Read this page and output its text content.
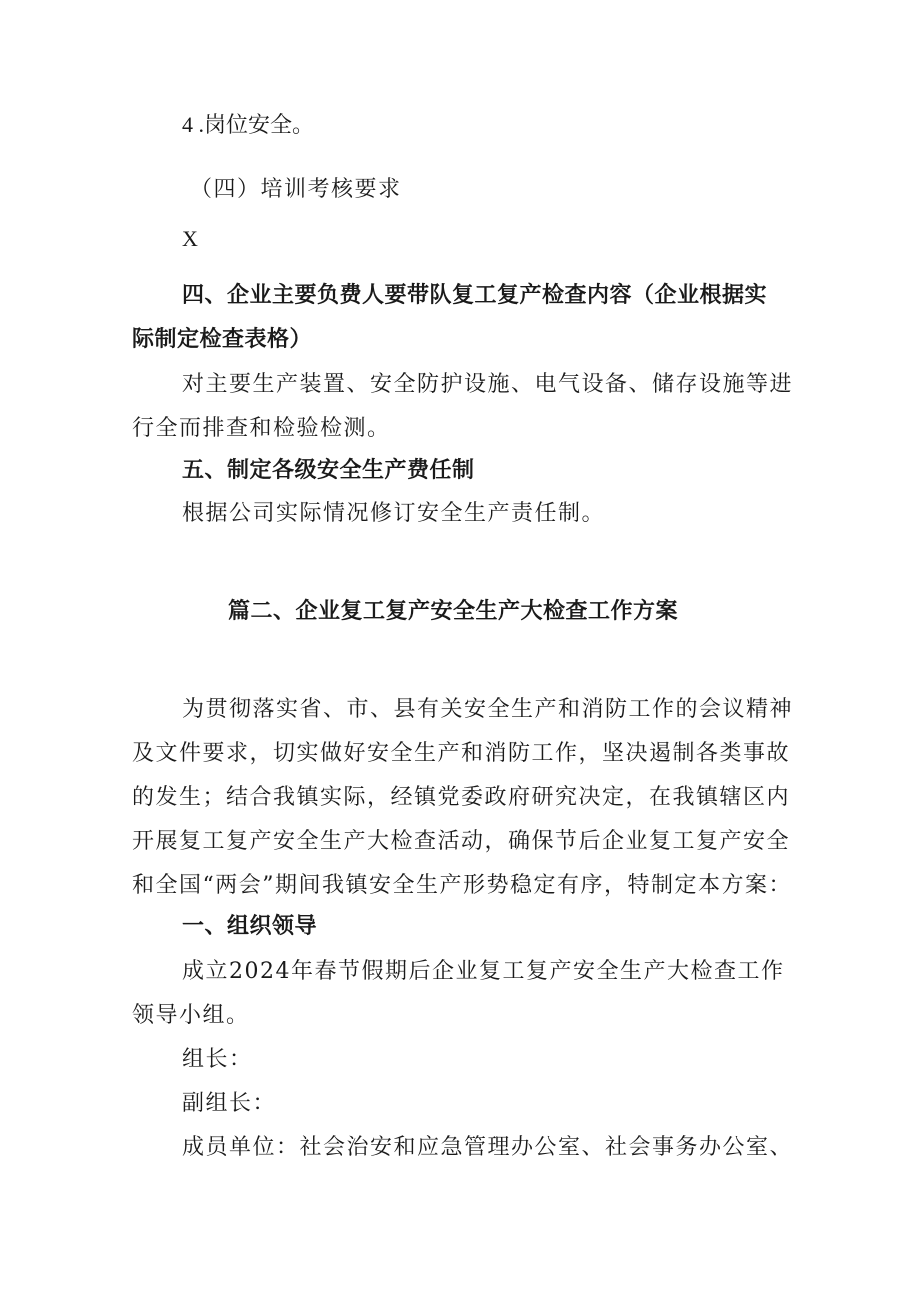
4 .岗位安全。
（四）培训考核要求
X
四、企业主要负费人要带队复工复产检查内容（企业根据实
际制定检查表格）
对主要生产装置、安全防护设施、电气设备、储存设施等进
行全而排查和检验检测。
五、制定各级安全生产费任制
根据公司实际情况修订安全生产责任制。
篇二、企业复工复产安全生产大检查工作方案
为贯彻落实省、市、县有关安全生产和消防工作的会议精神
及文件要求，切实做好安全生产和消防工作，坚决遏制各类事故
的发生；结合我镇实际，经镇党委政府研究决定，在我镇辖区内
开展复工复产安全生产大检查活动，确保节后企业复工复产安全
和全国“两会”期间我镇安全生产形势稳定有序，特制定本方案：
一、组织领导
成立2024年春节假期后企业复工复产安全生产大检查工作
领导小组。
组长：
副组长：
成员单位：社会治安和应急管理办公室、社会事务办公室、
